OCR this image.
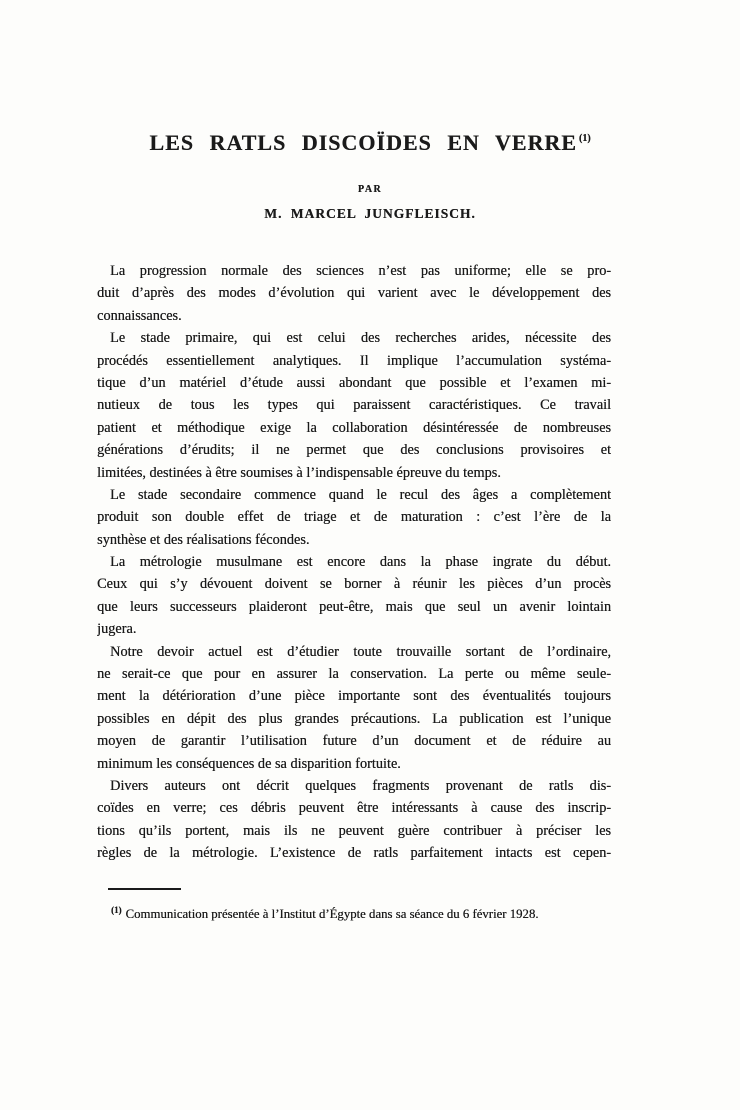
LES RATLS DISCOÏDES EN VERRE $^{(1)}$
PAR
M. MARCEL JUNGFLEISCH.

La progression normale des sciences n’est pas uniforme; elle se pro-
duit d’après des modes d’évolution qui varient avec le développement des
connaissances.

Le stade primaire, qui est celui des recherches arides, nécessite des
procédés essentiellement analytiques. Il implique l’accumulation systéma-
tique d’un matériel d’étude aussi abondant que possible et l’examen mi-
nutieux de tous les types qui paraissent caractéristiques. Ce travail
patient et méthodique exige la collaboration désintéressée de nombreuses
générations d’érudits; il ne permet que des conclusions provisoires et
limitées, destinées à être soumises à l’indispensable épreuve du temps.

Le stade secondaire commence quand le recul des âges a complètement
produit son double effet de triage et de maturation : c’est l’ère de la
synthèse et des réalisations fécondes.

La métrologie musulmane est encore dans la phase ingrate du début.
Ceux qui s’y dévouent doivent se borner à réunir les pièces d’un procès
que leurs successeurs plaideront peut-être, mais que seul un avenir lointain
jugera.

Notre devoir actuel est d’étudier toute trouvaille sortant de l’ordinaire,
ne serait-ce que pour en assurer la conservation. La perte ou même seule-
ment la détérioration d’une pièce importante sont des éventualités toujours
possibles en dépit des plus grandes précautions. La publication est l’unique
moyen de garantir l’utilisation future d’un document et de réduire au
minimum les conséquences de sa disparition fortuite.

Divers auteurs ont décrit quelques fragments provenant de ratls dis-
coïdes en verre; ces débris peuvent être intéressants à cause des inscrip-
tions qu’ils portent, mais ils ne peuvent guère contribuer à préciser les
règles de la métrologie. L’existence de ratls parfaitement intacts est cepen-

$^{(1)}$ Communication présentée à l’Institut d’Égypte dans sa séance du 6 février 1928.
